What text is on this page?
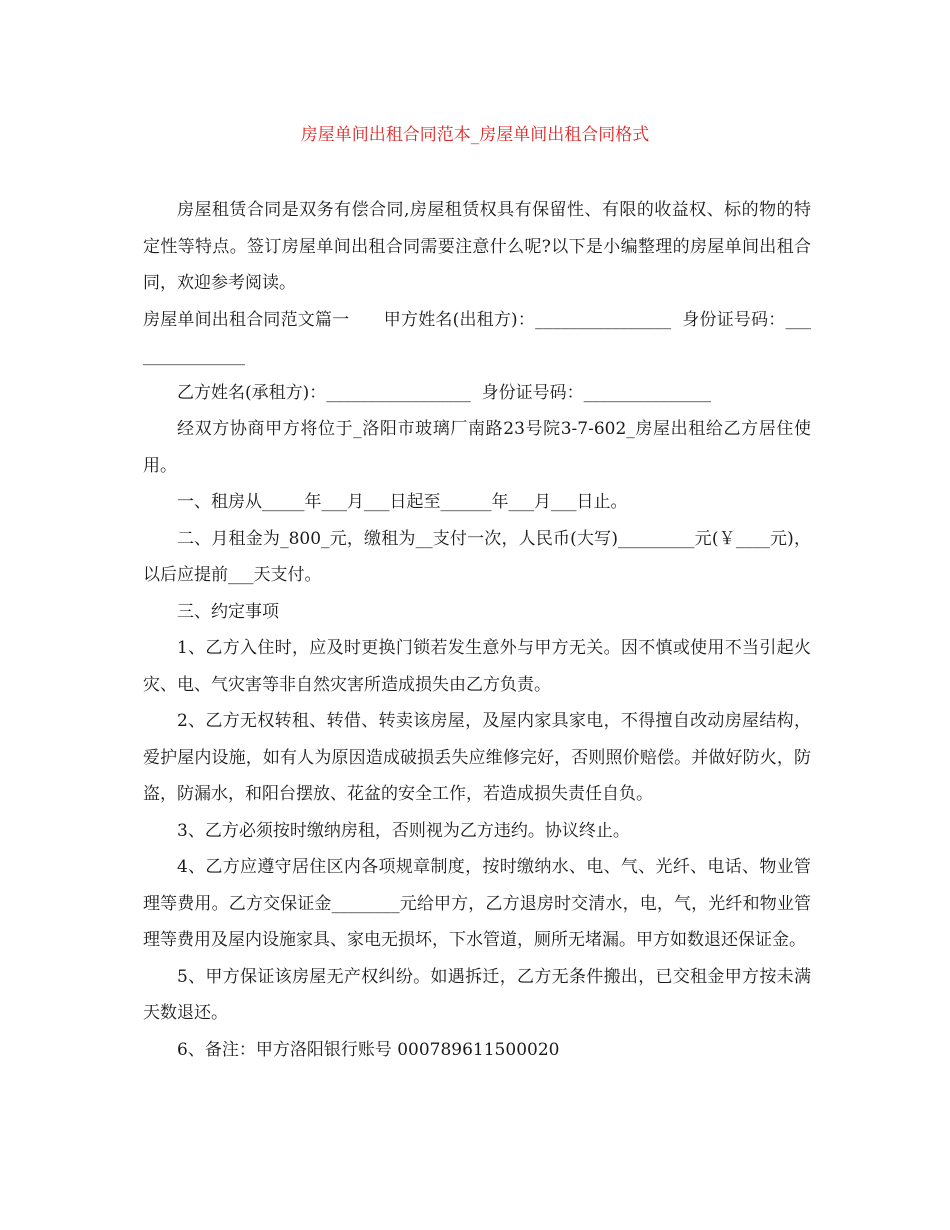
房屋单间出租合同范本_房屋单间出租合同格式

房屋租赁合同是双务有偿合同,房屋租赁权具有保留性、有限的收益权、标的物的特定性等特点。签订房屋单间出租合同需要注意什么呢?以下是小编整理的房屋单间出租合同，欢迎参考阅读。

房屋单间出租合同范文篇一　　甲方姓名(出租方)：________________  身份证号码：_______________

乙方姓名(承租方)：_________________  身份证号码：_______________

经双方协商甲方将位于_洛阳市玻璃厂南路23号院3-7-602_房屋出租给乙方居住使用。

一、租房从_____年___月___日起至______年___月___日止。

二、月租金为_800_元，缴租为__支付一次，人民币(大写)_________元(￥____元)，以后应提前___天支付。

三、约定事项

1、乙方入住时，应及时更换门锁若发生意外与甲方无关。因不慎或使用不当引起火灾、电、气灾害等非自然灾害所造成损失由乙方负责。

2、乙方无权转租、转借、转卖该房屋，及屋内家具家电，不得擅自改动房屋结构，爱护屋内设施，如有人为原因造成破损丢失应维修完好，否则照价赔偿。并做好防火，防盗，防漏水，和阳台摆放、花盆的安全工作，若造成损失责任自负。

3、乙方必须按时缴纳房租，否则视为乙方违约。协议终止。

4、乙方应遵守居住区内各项规章制度，按时缴纳水、电、气、光纤、电话、物业管理等费用。乙方交保证金________元给甲方，乙方退房时交清水，电，气，光纤和物业管理等费用及屋内设施家具、家电无损坏，下水管道，厕所无堵漏。甲方如数退还保证金。

5、甲方保证该房屋无产权纠纷。如遇拆迁，乙方无条件搬出，已交租金甲方按未满天数退还。

6、备注：甲方洛阳银行账号 000789611500020
